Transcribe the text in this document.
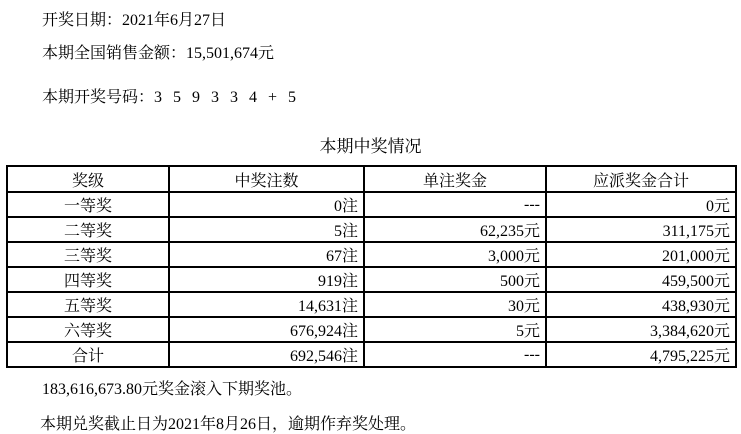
开奖日期：2021年6月27日

本期全国销售金额：15,501,674元

本期开奖号码：3 5 9 3 3 4 + 5

本期中奖情况
奖级	中奖注数	单注奖金	应派奖金合计
一等奖	0注	---	0元
二等奖	5注	62,235元	311,175元
三等奖	67注	3,000元	201,000元
四等奖	919注	500元	459,500元
五等奖	14,631注	30元	438,930元
六等奖	676,924注	5元	3,384,620元
合计	692,546注	---	4,795,225元

183,616,673.80元奖金滚入下期奖池。

本期兑奖截止日为2021年8月26日，逾期作弃奖处理。
